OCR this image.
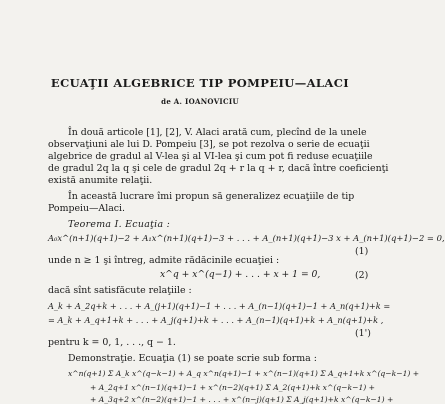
ECUAŢII ALGEBRICE TIP POMPEIU—ALACI
de A. IOANOVICIU
În două articole [1], [2], V. Alaci arată cum, plecînd de la unele
observaţiuni ale lui D. Pompeiu [3], se pot rezolva o serie de ecuaţii
algebrice de gradul al V-lea şi al VI-lea şi cum pot fi reduse ecuaţiile
de gradul 2q la q şi cele de gradul 2q + r la q + r, dacă între coeficienţi
există anumite relaţii.
În această lucrare îmi propun să generalizez ecuaţiile de tip
Pompeiu—Alaci.
Teorema I. Ecuaţia :
A₀x^(n+1)(q+1)−2 + A₁x^(n+1)(q+1)−3 + . . . + A_(n+1)(q+1)−3 x + A_(n+1)(q+1)−2 = 0,
(1)
unde n ≥ 1 şi întreg, admite rădăcinile ecuaţiei :
x^q + x^(q−1) + . . . + x + 1 = 0,	(2)
dacă sînt satisfăcute relaţiile :
A_k + A_2q+k + . . . + A_(j+1)(q+1)−1 + . . . + A_(n−1)(q+1)−1 + A_n(q+1)+k =
= A_k + A_q+1+k + . . . + A_j(q+1)+k + . . . + A_(n−1)(q+1)+k + A_n(q+1)+k ,
(1')
pentru k = 0, 1, . . ., q − 1.
Demonstraţie. Ecuaţia (1) se poate scrie sub forma :
x^n(q+1) Σ A_k x^(q−k−1) + A_q x^n(q+1)−1 + x^(n−1)(q+1) Σ A_q+1+k x^(q−k−1) +
+ A_2q+1 x^(n−1)(q+1)−1 + x^(n−2)(q+1) Σ A_2(q+1)+k x^(q−k−1) +
+ A_3q+2 x^(n−2)(q+1)−1 + . . . + x^(n−j)(q+1) Σ A_j(q+1)+k x^(q−k−1) +
